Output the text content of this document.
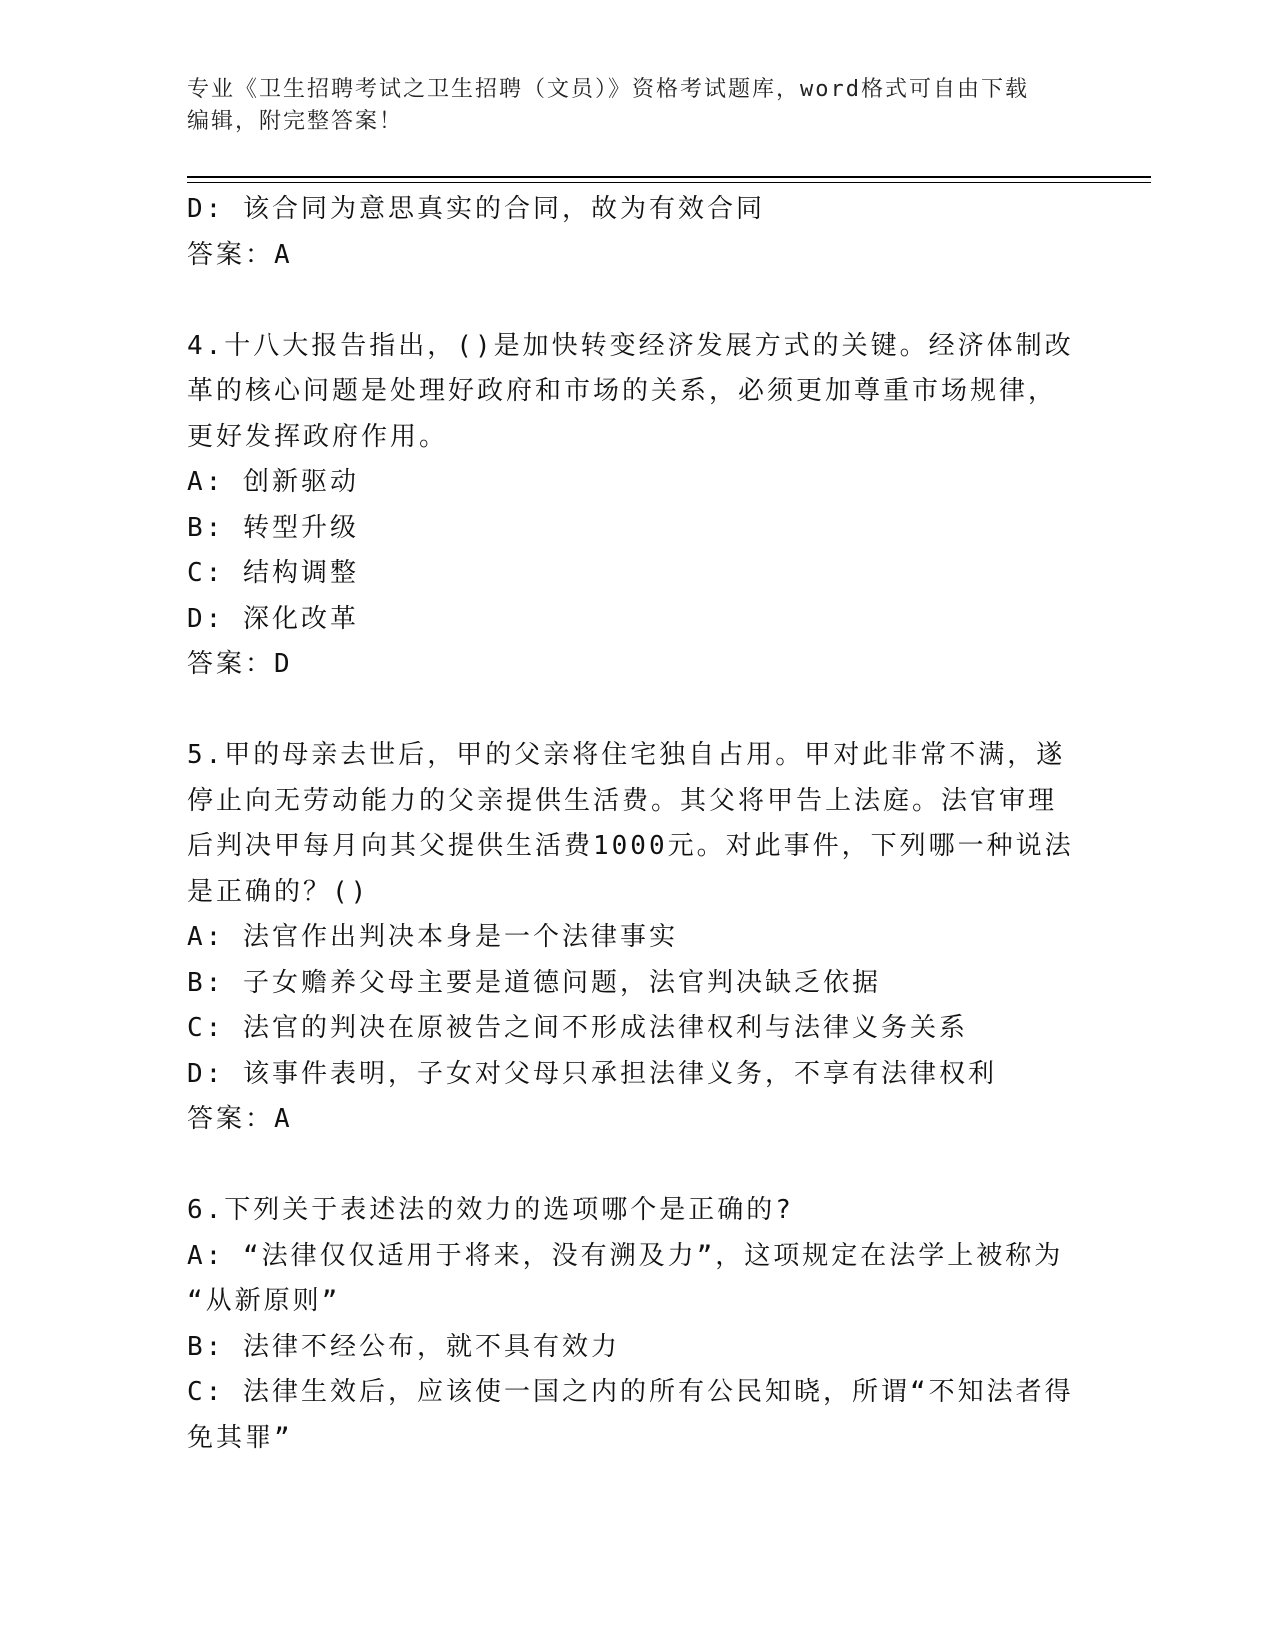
专业《卫生招聘考试之卫生招聘（文员）》资格考试题库，word格式可自由下载
编辑，附完整答案！
D: 该合同为意思真实的合同，故为有效合同
答案：A
4.十八大报告指出，()是加快转变经济发展方式的关键。经济体制改
革的核心问题是处理好政府和市场的关系，必须更加尊重市场规律，
更好发挥政府作用。
A: 创新驱动
B: 转型升级
C: 结构调整
D: 深化改革
答案：D
5.甲的母亲去世后，甲的父亲将住宅独自占用。甲对此非常不满，遂
停止向无劳动能力的父亲提供生活费。其父将甲告上法庭。法官审理
后判决甲每月向其父提供生活费1000元。对此事件，下列哪一种说法
是正确的？()
A: 法官作出判决本身是一个法律事实
B: 子女赡养父母主要是道德问题，法官判决缺乏依据
C: 法官的判决在原被告之间不形成法律权利与法律义务关系
D: 该事件表明，子女对父母只承担法律义务，不享有法律权利
答案：A
6.下列关于表述法的效力的选项哪个是正确的?
A: “法律仅仅适用于将来，没有溯及力”，这项规定在法学上被称为
“从新原则”
B: 法律不经公布，就不具有效力
C: 法律生效后，应该使一国之内的所有公民知晓，所谓“不知法者得
免其罪”
